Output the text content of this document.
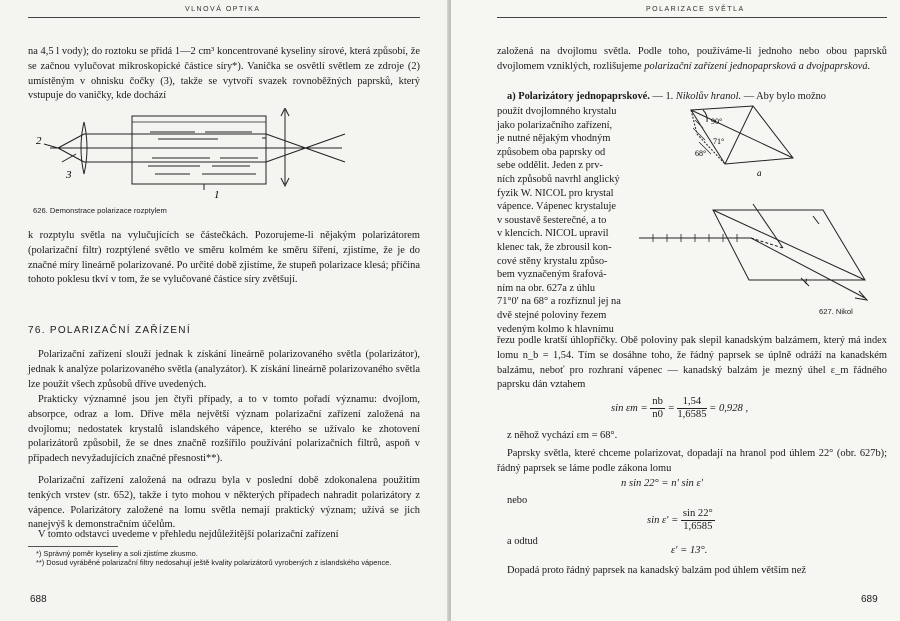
VLNOVÁ OPTIKA

na 4,5 l vody); do roztoku se přidá 1—2 cm³ koncentrované kyseliny sírové, která způsobí, že se začnou vylučovat mikroskopické částice síry*). Vanička se osvětlí světlem ze zdroje (2) umístěným v ohnisku čočky (3), takže se vytvoří svazek rovnoběžných paprsků, který vstupuje do vaničky, kde dochází

2
3
1
626. Demonstrace polarizace rozptylem

k rozptylu světla na vylučujících se částečkách. Pozorujeme-li nějakým polarizátorem (polarizační filtr) rozptýlené světlo ve směru kolmém ke směru šíření, zjistíme, že je do značné míry lineárně polarizované. Po určité době zjistíme, že stupeň polarizace klesá; příčina tohoto poklesu tkví v tom, že se vylučované částice síry zvětšují.

76. POLARIZAČNÍ ZAŘÍZENÍ

Polarizační zařízení slouží jednak k získání lineárně polarizovaného světla (polarizátor), jednak k analýze polarizovaného světla (analyzátor). K získání lineárně polarizovaného světla lze použít všech způsobů dříve uvedených.

Prakticky významné jsou jen čtyři případy, a to v tomto pořadí významu: dvojlom, absorpce, odraz a lom. Dříve měla největší význam polarizační zařízení založená na dvojlomu; nedostatek krystalů islandského vápence, kterého se užívalo ke zhotovení polarizátorů způsobil, že se dnes značně rozšířilo používání polarizačních filtrů, aspoň v případech nevyžadujících značné přesnosti**).

Polarizační zařízení založená na odrazu byla v poslední době zdokonalena použitím tenkých vrstev (str. 652), takže i tyto mohou v některých případech nahradit polarizátory z vápence. Polarizátory založené na lomu světla nemají praktický význam; užívá se jich nanejvýš k demonstračním účelům.

V tomto odstavci uvedeme v přehledu nejdůležitější polarizační zařízení

*) Správný poměr kyseliny a soli zjistíme zkusmo.
**) Dosud vyráběné polarizační filtry nedosahují ještě kvality polarizátorů vyrobených z islandského vápence.
688
POLARIZACE SVĚTLA

založená na dvojlomu světla. Podle toho, používáme-li jednoho nebo obou paprsků dvojlomem vzniklých, rozlišujeme polarizační zařízení jednopaprsková a dvojpaprsková.

a) Polarizátory jednopaprskové. — 1. Nikolův hranol. — Aby bylo možno

použít dvojlomného krystalu
jako polarizačního zařízení,
je nutné nějakým vhodným
způsobem oba paprsky od
sebe oddělit. Jeden z prv-
ních způsobů navrhl anglický
fyzik W. NICOL pro krystal
vápence. Vápenec krystaluje
v soustavě šesterečné, a to
v klencích. NICOL upravil
klenec tak, že zbrousil kon-
cové stěny krystalu způso-
bem vyznačeným šrafová-
ním na obr. 627a z úhlu
71°0' na 68° a rozříznul jej na
dvě stejné poloviny řezem
vedeným kolmo k hlavnímu
90°
71°
68°
a
t
627. Nikol

řezu podle kratší úhlopříčky. Obě poloviny pak slepil kanadským balzámem, který má index lomu n_b = 1,54. Tím se dosáhne toho, že řádný paprsek se úplně odráží na kanadském balzámu, neboť pro rozhraní vápenec — kanadský balzám je mezný úhel ε_m řádného paprsku dán vztahem

$\sin \varepsilon m = \frac{nb}{n0} = \frac{1,54}{1,6585} = 0,928$ ,

z něhož vychází εm = 68°.

Paprsky světla, které chceme polarizovat, dopadají na hranol pod úhlem 22° (obr. 627b); řádný paprsek se láme podle zákona lomu

n sin 22° = n' sin ε'

nebo

$\sin \varepsilon' = \frac{\sin 22^\circ}{1,6585}$

a odtud

ε' = 13°.

Dopadá proto řádný paprsek na kanadský balzám pod úhlem větším než

689
